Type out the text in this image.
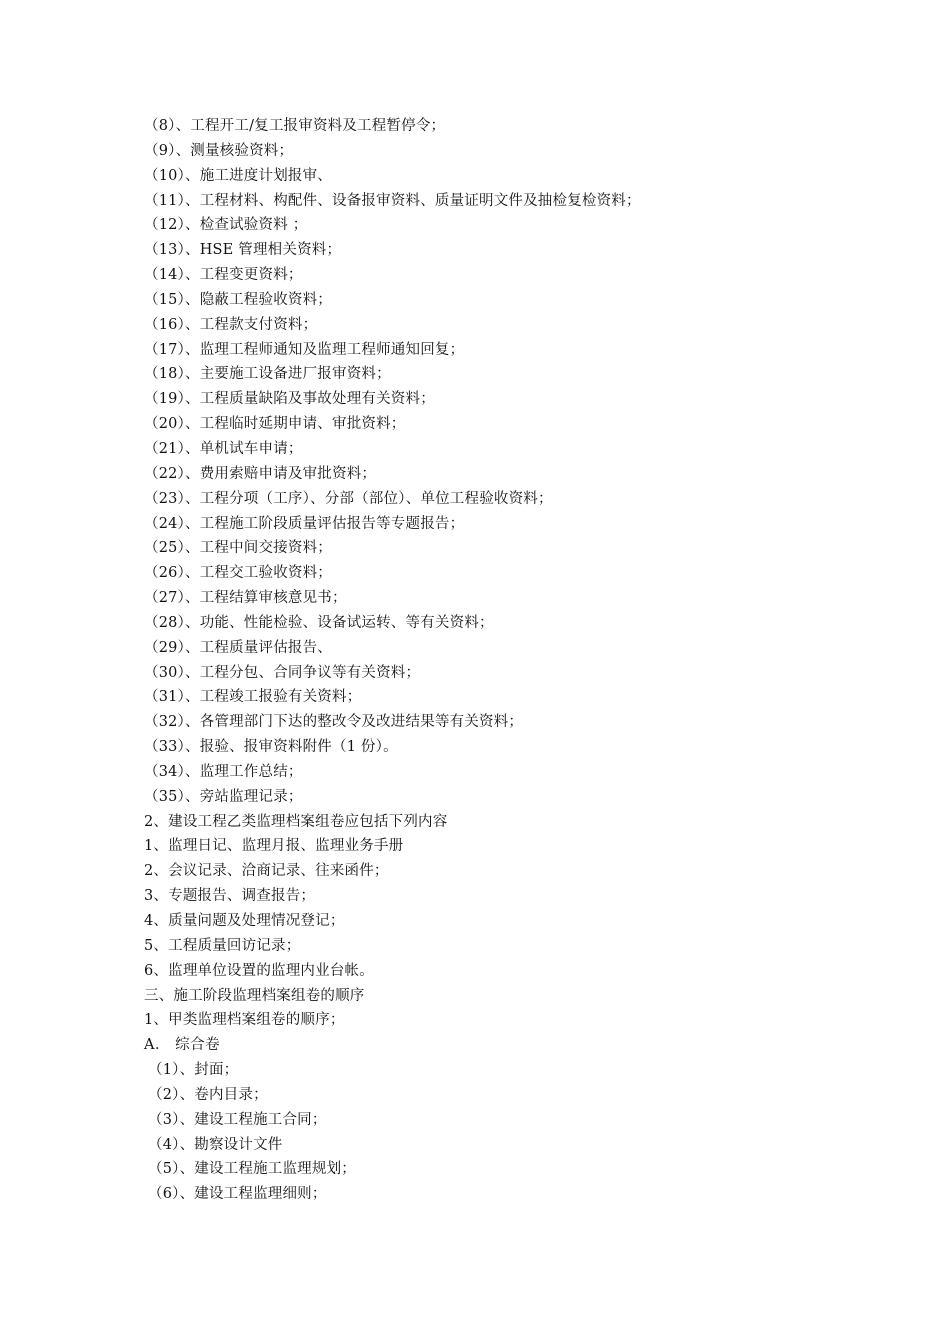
（8）、工程开工/复工报审资料及工程暂停令；
（9）、测量核验资料；
（10）、施工进度计划报审、
（11）、工程材料、构配件、设备报审资料、质量证明文件及抽检复检资料；
（12）、检查试验资料 ；
（13）、HSE 管理相关资料；
（14）、工程变更资料；
（15）、隐蔽工程验收资料；
（16）、工程款支付资料；
（17）、监理工程师通知及监理工程师通知回复；
（18）、主要施工设备进厂报审资料；
（19）、工程质量缺陷及事故处理有关资料；
（20）、工程临时延期申请、审批资料；
（21）、单机试车申请；
（22）、费用索赔申请及审批资料；
（23）、工程分项（工序）、分部（部位）、单位工程验收资料；
（24）、工程施工阶段质量评估报告等专题报告；
（25）、工程中间交接资料；
（26）、工程交工验收资料；
（27）、工程结算审核意见书；
（28）、功能、性能检验、设备试运转、等有关资料；
（29）、工程质量评估报告、
（30）、工程分包、合同争议等有关资料；
（31）、工程竣工报验有关资料；
（32）、各管理部门下达的整改令及改进结果等有关资料；
（33）、报验、报审资料附件（1 份）。
（34）、监理工作总结；
（35）、旁站监理记录；
2、建设工程乙类监理档案组卷应包括下列内容
1、监理日记、监理月报、监理业务手册
2、会议记录、洽商记录、往来函件；
3、专题报告、调查报告；
4、质量问题及处理情况登记；
5、工程质量回访记录；
6、监理单位设置的监理内业台帐。
三、施工阶段监理档案组卷的顺序
1、甲类监理档案组卷的顺序；
A． 综合卷
（1）、封面；
（2）、卷内目录；
（3）、建设工程施工合同；
（4）、勘察设计文件
（5）、建设工程施工监理规划；
（6）、建设工程监理细则；
